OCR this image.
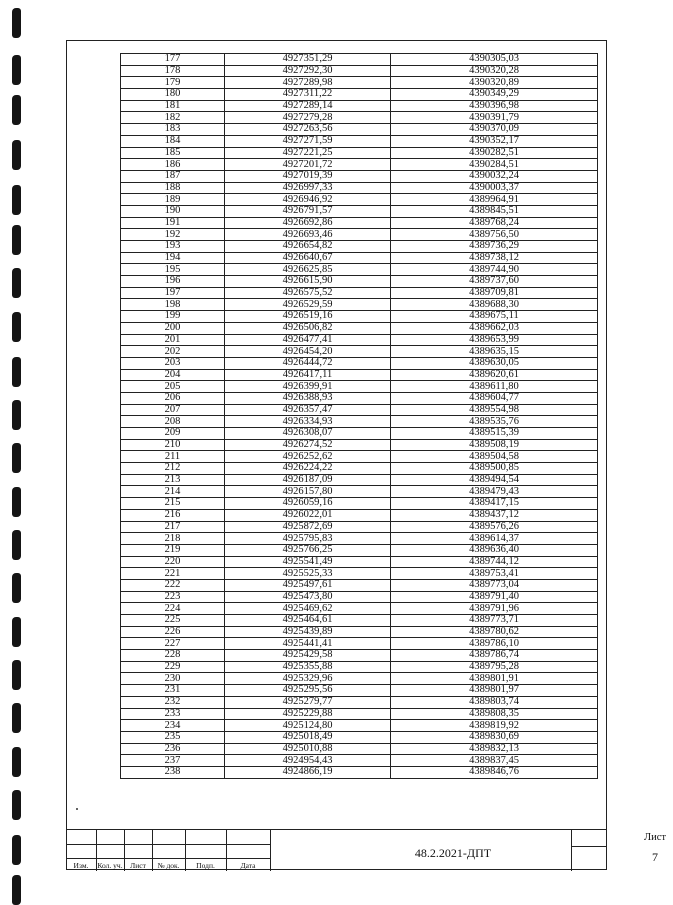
177	4927351,29	4390305,03
178	4927292,30	4390320,28
179	4927289,98	4390320,89
180	4927311,22	4390349,29
181	4927289,14	4390396,98
182	4927279,28	4390391,79
183	4927263,56	4390370,09
184	4927271,59	4390352,17
185	4927221,25	4390282,51
186	4927201,72	4390284,51
187	4927019,39	4390032,24
188	4926997,33	4390003,37
189	4926946,92	4389964,91
190	4926791,57	4389845,51
191	4926692,86	4389768,24
192	4926693,46	4389756,50
193	4926654,82	4389736,29
194	4926640,67	4389738,12
195	4926625,85	4389744,90
196	4926615,90	4389737,60
197	4926575,52	4389709,81
198	4926529,59	4389688,30
199	4926519,16	4389675,11
200	4926506,82	4389662,03
201	4926477,41	4389653,99
202	4926454,20	4389635,15
203	4926444,72	4389630,05
204	4926417,11	4389620,61
205	4926399,91	4389611,80
206	4926388,93	4389604,77
207	4926357,47	4389554,98
208	4926334,93	4389535,76
209	4926308,07	4389515,39
210	4926274,52	4389508,19
211	4926252,62	4389504,58
212	4926224,22	4389500,85
213	4926187,09	4389494,54
214	4926157,80	4389479,43
215	4926059,16	4389417,15
216	4926022,01	4389437,12
217	4925872,69	4389576,26
218	4925795,83	4389614,37
219	4925766,25	4389636,40
220	4925541,49	4389744,12
221	4925525,33	4389753,41
222	4925497,61	4389773,04
223	4925473,80	4389791,40
224	4925469,62	4389791,96
225	4925464,61	4389773,71
226	4925439,89	4389780,62
227	4925441,41	4389786,10
228	4925429,58	4389786,74
229	4925355,88	4389795,28
230	4925329,96	4389801,91
231	4925295,56	4389801,97
232	4925279,77	4389803,74
233	4925229,88	4389808,35
234	4925124,80	4389819,92
235	4925018,49	4389830,69
236	4925010,88	4389832,13
237	4924954,43	4389837,45
238	4924866,19	4389846,76
Изм.	Кол. уч.	Лист	№ док.	Подп.	Дата
48.2.2021-ДПТ
Лист
7
